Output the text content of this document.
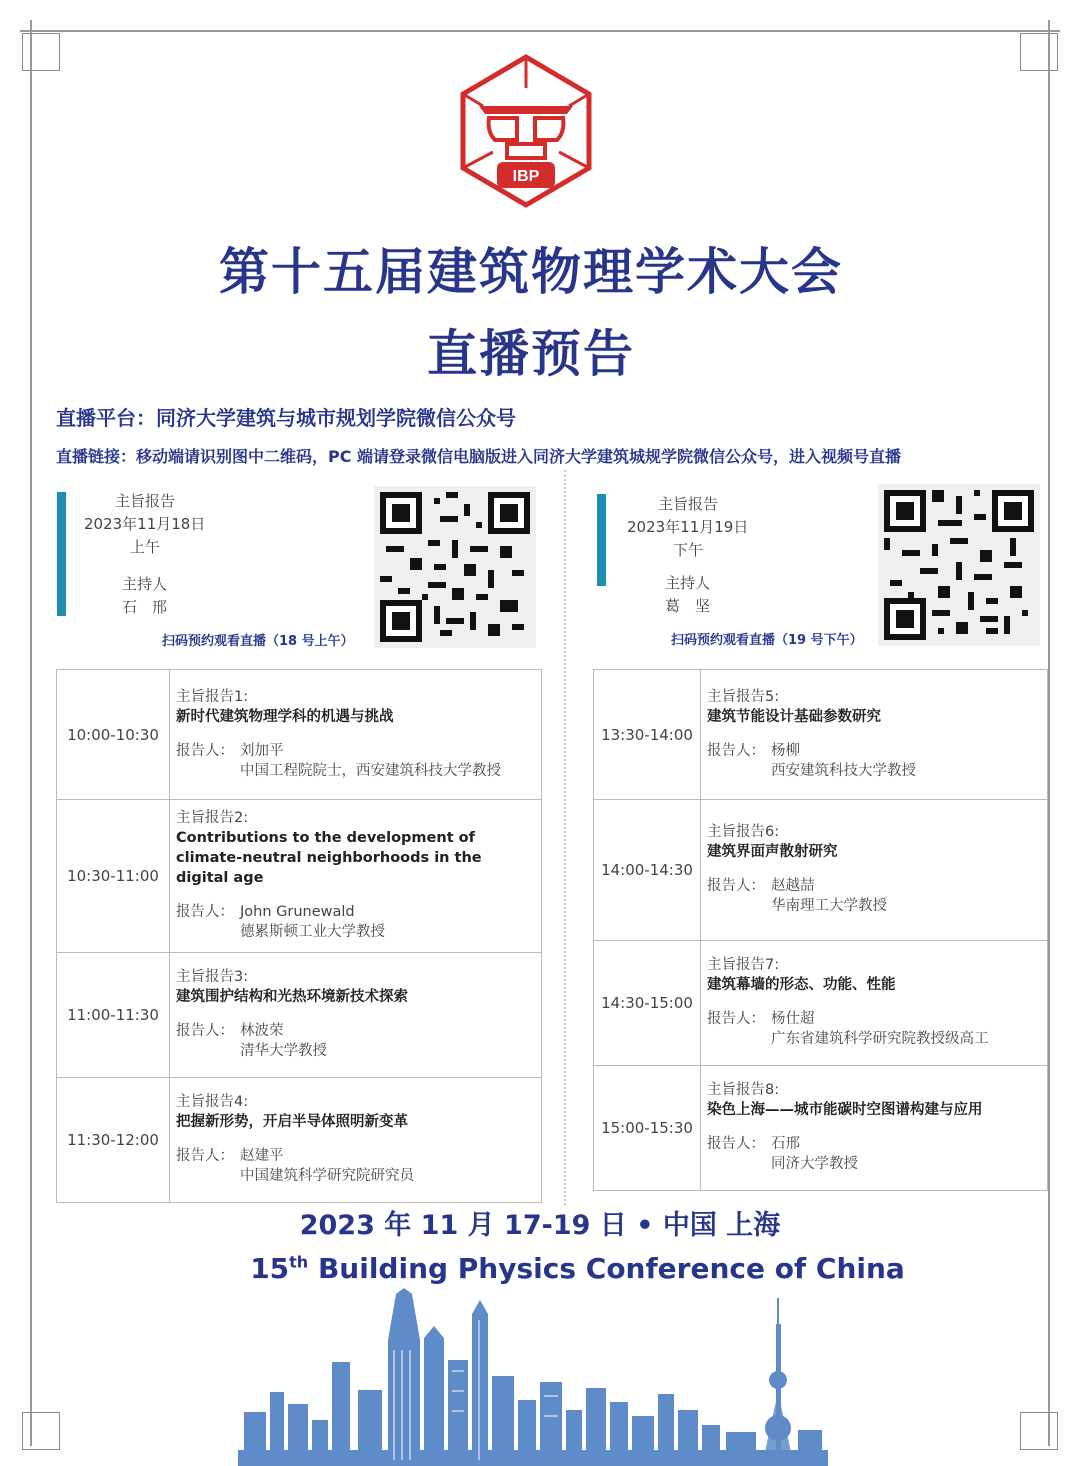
IBP
第十五届建筑物理学术大会
直播预告
直播平台：同济大学建筑与城市规划学院微信公众号
直播链接：移动端请识别图中二维码，PC 端请登录微信电脑版进入同济大学建筑城规学院微信公众号，进入视频号直播
主旨报告
2023年11月18日
上午
主持人
石　邢
扫码预约观看直播（18 号上午）
主旨报告
2023年11月19日
下午
主持人
葛　坚
扫码预约观看直播（19 号下午）
10:00-10:30	主旨报告1:
新时代建筑物理学科的机遇与挑战
报告人： 刘加平
中国工程院院士，西安建筑科技大学教授

10:30-11:00	主旨报告2:
Contributions to the development of climate-neutral neighborhoods in the digital age
报告人： John Grunewald
德累斯顿工业大学教授

11:00-11:30	主旨报告3:
建筑围护结构和光热环境新技术探索
报告人： 林波荣
清华大学教授

11:30-12:00	主旨报告4:
把握新形势，开启半导体照明新变革
报告人： 赵建平
中国建筑科学研究院研究员
13:30-14:00	主旨报告5:
建筑节能设计基础参数研究
报告人： 杨柳
西安建筑科技大学教授

14:00-14:30	主旨报告6:
建筑界面声散射研究
报告人： 赵越喆
华南理工大学教授

14:30-15:00	主旨报告7:
建筑幕墙的形态、功能、性能
报告人： 杨仕超
广东省建筑科学研究院教授级高工

15:00-15:30	主旨报告8:
染色上海——城市能碳时空图谱构建与应用
报告人： 石邢
同济大学教授
2023 年 11 月 17-19 日 • 中国 上海
15th Building Physics Conference of China
